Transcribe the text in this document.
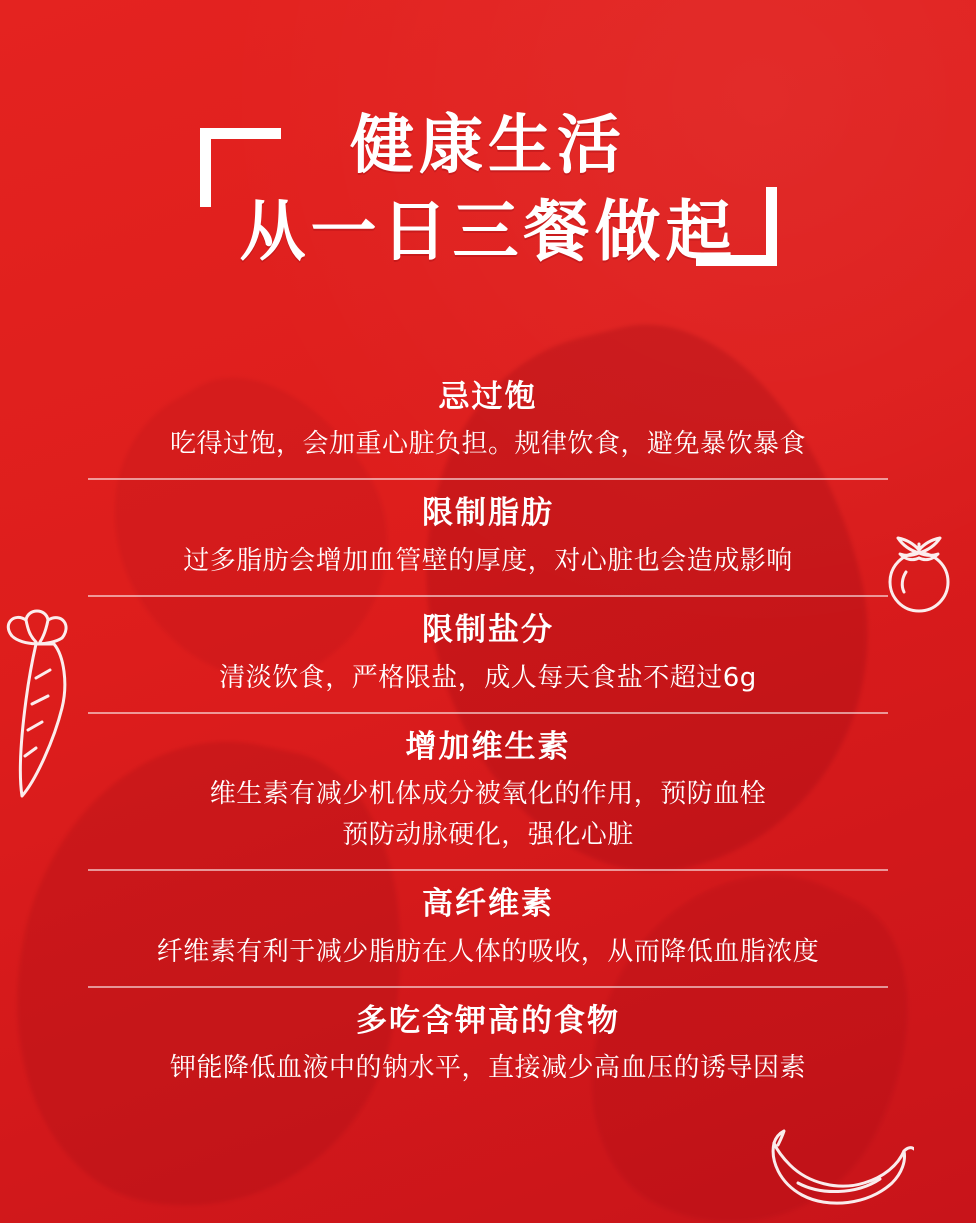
健康生活
从一日三餐做起
忌过饱
吃得过饱，会加重心脏负担。规律饮食，避免暴饮暴食
限制脂肪
过多脂肪会增加血管壁的厚度，对心脏也会造成影响
限制盐分
清淡饮食，严格限盐，成人每天食盐不超过6g
增加维生素
维生素有减少机体成分被氧化的作用，预防血栓
预防动脉硬化，强化心脏
高纤维素
纤维素有利于减少脂肪在人体的吸收，从而降低血脂浓度
多吃含钾高的食物
钾能降低血液中的钠水平，直接减少高血压的诱导因素
